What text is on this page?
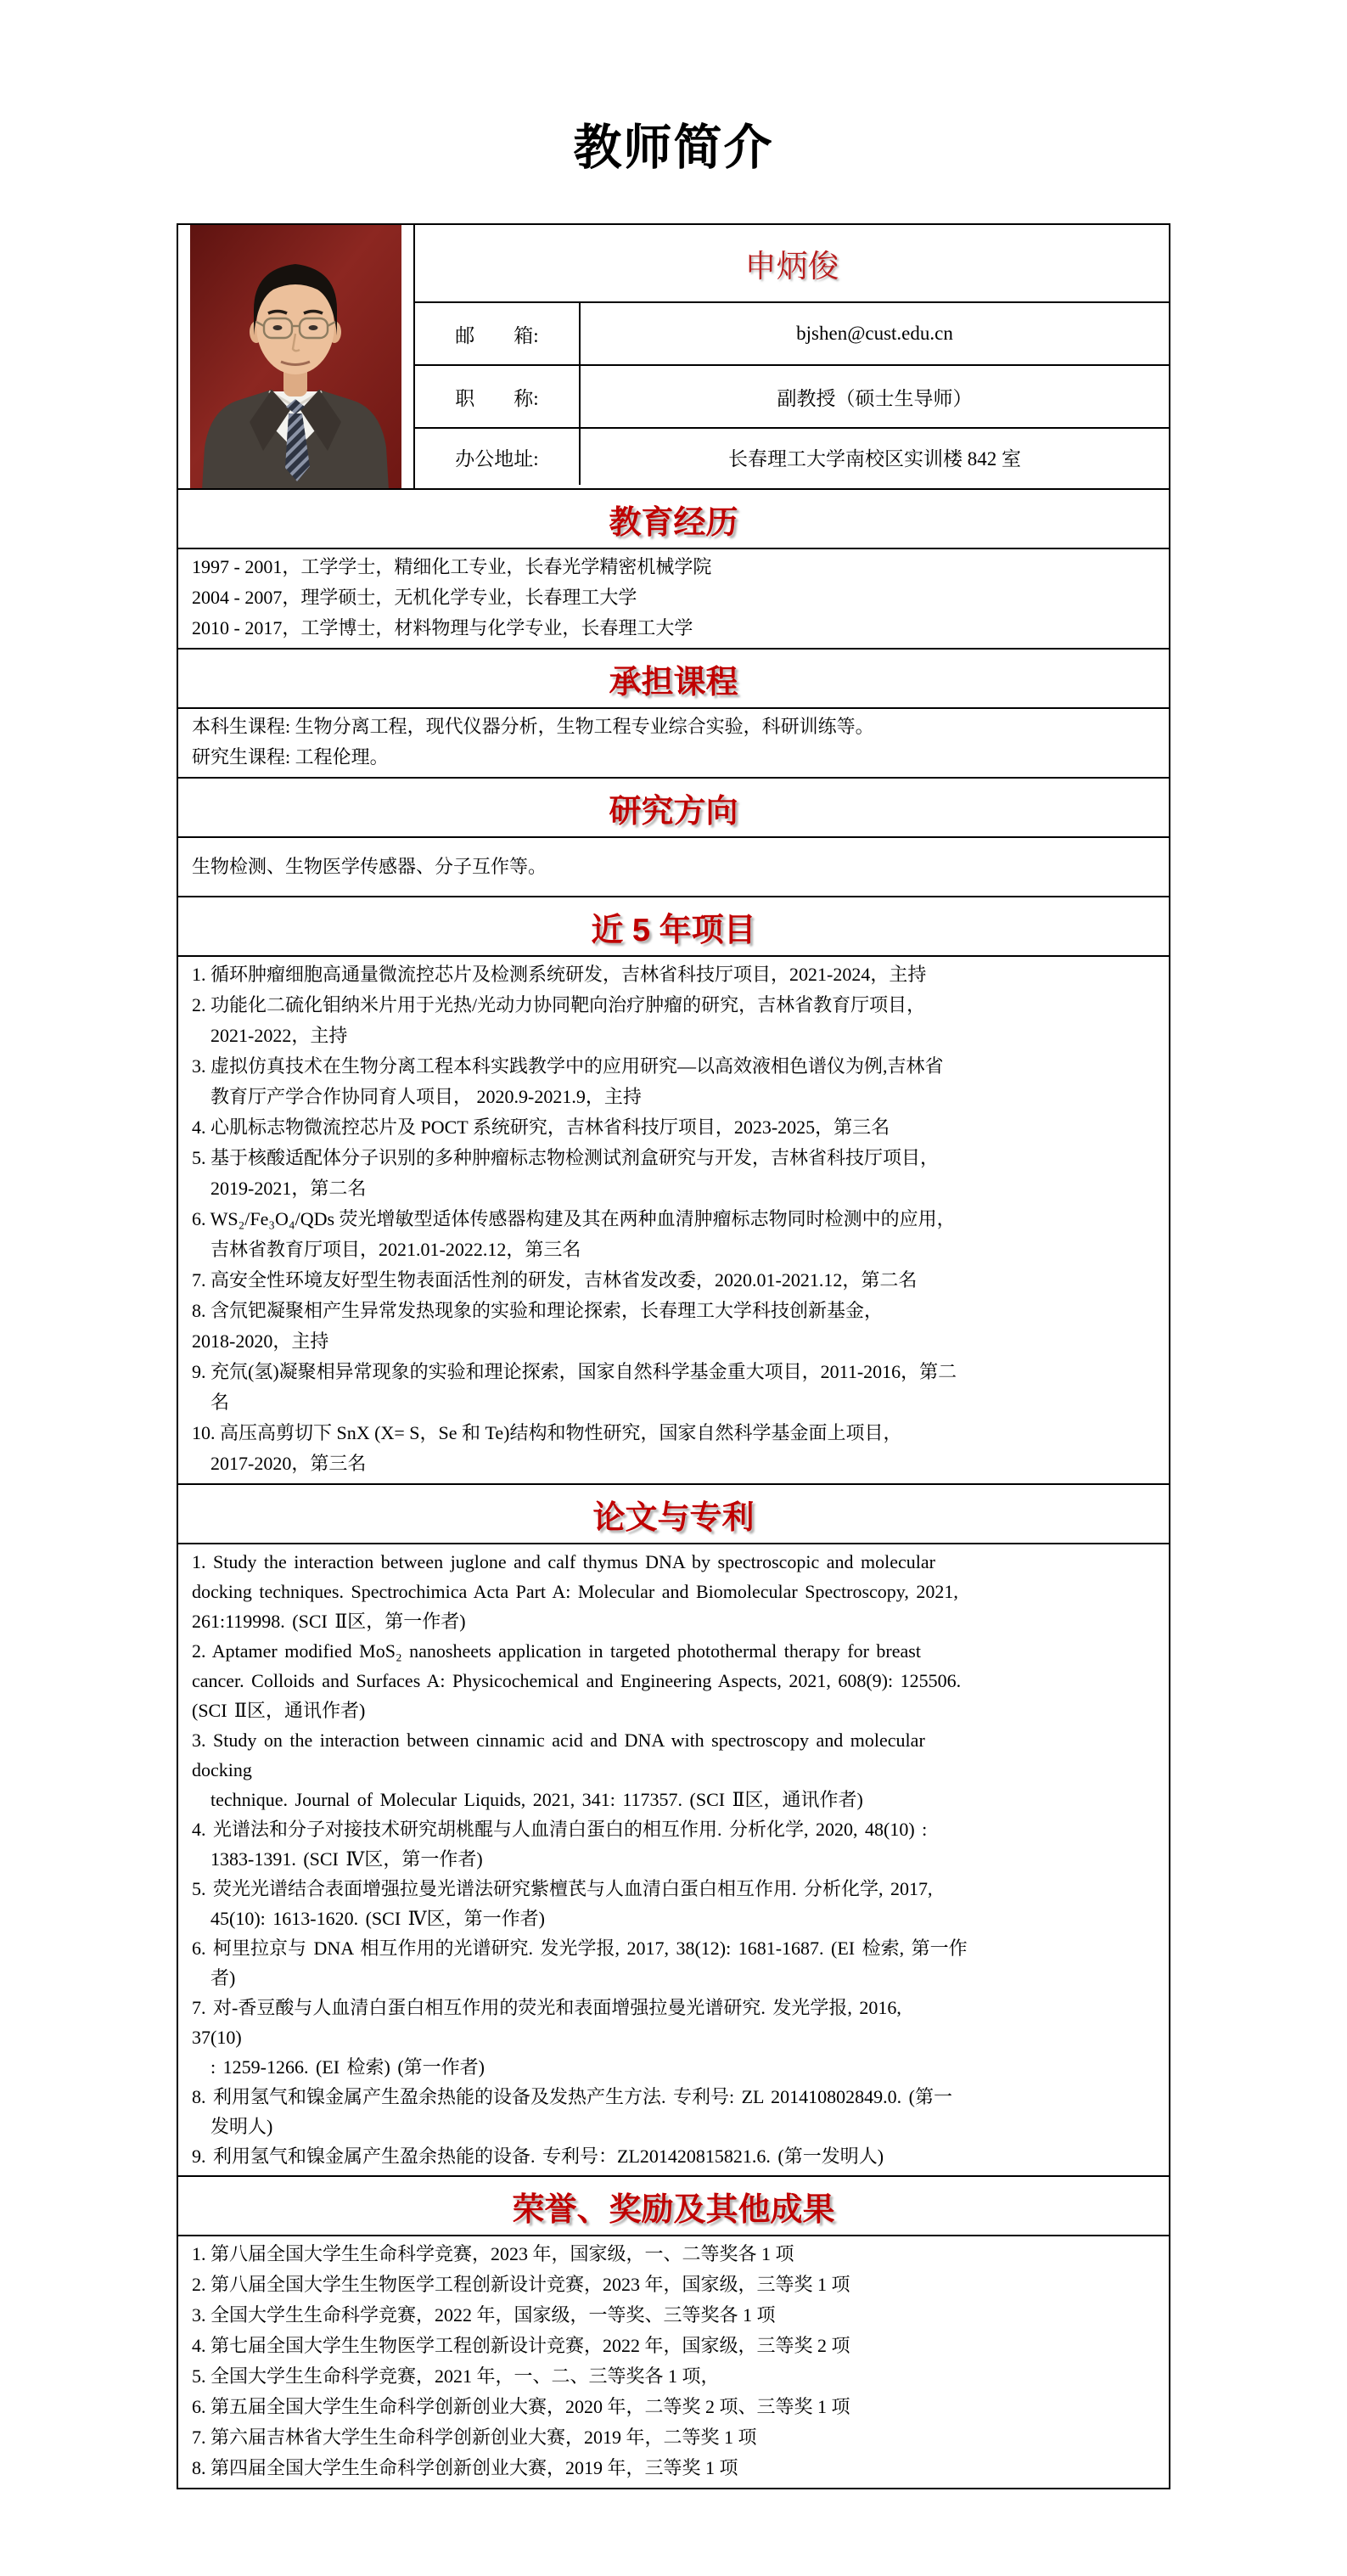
教师简介
申炳俊
邮　　箱:	bjshen@cust.edu.cn
职　　称:	副教授（硕士生导师）
办公地址:	长春理工大学南校区实训楼 842 室
教育经历
1997 - 2001，工学学士，精细化工专业，长春光学精密机械学院
2004 - 2007，理学硕士，无机化学专业，长春理工大学
2010 - 2017，工学博士，材料物理与化学专业，长春理工大学
承担课程
本科生课程: 生物分离工程，现代仪器分析，生物工程专业综合实验，科研训练等。
研究生课程: 工程伦理。
研究方向
生物检测、生物医学传感器、分子互作等。
近 5 年项目
1. 循环肿瘤细胞高通量微流控芯片及检测系统研发，吉林省科技厅项目，2021-2024，主持
2. 功能化二硫化钼纳米片用于光热/光动力协同靶向治疗肿瘤的研究，吉林省教育厅项目，
　2021-2022，主持
3. 虚拟仿真技术在生物分离工程本科实践教学中的应用研究—以高效液相色谱仪为例,吉林省
　教育厅产学合作协同育人项目， 2020.9-2021.9，主持
4. 心肌标志物微流控芯片及 POCT 系统研究，吉林省科技厅项目，2023-2025，第三名
5. 基于核酸适配体分子识别的多种肿瘤标志物检测试剂盒研究与开发，吉林省科技厅项目，
　2019-2021，第二名
6. WS₂/Fe₃O₄/QDs 荧光增敏型适体传感器构建及其在两种血清肿瘤标志物同时检测中的应用，
　吉林省教育厅项目，2021.01-2022.12，第三名
7. 高安全性环境友好型生物表面活性剂的研发，吉林省发改委，2020.01-2021.12，第二名
8. 含氘钯凝聚相产生异常发热现象的实验和理论探索，长春理工大学科技创新基金，
2018-2020，主持
9. 充氘(氢)凝聚相异常现象的实验和理论探索，国家自然科学基金重大项目，2011-2016，第二
　名
10. 高压高剪切下 SnX (X= S，Se 和 Te)结构和物性研究，国家自然科学基金面上项目，
　2017-2020，第三名
论文与专利
1. Study the interaction between juglone and calf thymus DNA by spectroscopic and molecular
docking techniques. Spectrochimica Acta Part A: Molecular and Biomolecular Spectroscopy, 2021,
261:119998. (SCI Ⅱ区，第一作者)
2. Aptamer modified MoS₂ nanosheets application in targeted photothermal therapy for breast
cancer. Colloids and Surfaces A: Physicochemical and Engineering Aspects, 2021, 608(9): 125506.
(SCI Ⅱ区，通讯作者)
3. Study on the interaction between cinnamic acid and DNA with spectroscopy and molecular
docking
　technique. Journal of Molecular Liquids, 2021, 341: 117357. (SCI Ⅱ区，通讯作者)
4. 光谱法和分子对接技术研究胡桃醌与人血清白蛋白的相互作用. 分析化学, 2020, 48(10) :
　1383-1391. (SCI Ⅳ区，第一作者)
5. 荧光光谱结合表面增强拉曼光谱法研究紫檀芪与人血清白蛋白相互作用. 分析化学, 2017,
　45(10): 1613-1620. (SCI Ⅳ区，第一作者)
6. 柯里拉京与 DNA 相互作用的光谱研究. 发光学报, 2017, 38(12): 1681-1687. (EI 检索, 第一作
　者)
7. 对-香豆酸与人血清白蛋白相互作用的荧光和表面增强拉曼光谱研究. 发光学报, 2016,
37(10)
　: 1259-1266. (EI 检索) (第一作者)
8. 利用氢气和镍金属产生盈余热能的设备及发热产生方法. 专利号: ZL 201410802849.0. (第一
　发明人)
9. 利用氢气和镍金属产生盈余热能的设备. 专利号：ZL201420815821.6. (第一发明人)
荣誉、奖励及其他成果
1. 第八届全国大学生生命科学竞赛，2023 年，国家级，一、二等奖各 1 项
2. 第八届全国大学生生物医学工程创新设计竞赛，2023 年，国家级，三等奖 1 项
3. 全国大学生生命科学竞赛，2022 年，国家级，一等奖、三等奖各 1 项
4. 第七届全国大学生生物医学工程创新设计竞赛，2022 年，国家级，三等奖 2 项
5. 全国大学生生命科学竞赛，2021 年，一、二、三等奖各 1 项，
6. 第五届全国大学生生命科学创新创业大赛，2020 年，二等奖 2 项、三等奖 1 项
7. 第六届吉林省大学生生命科学创新创业大赛，2019 年，二等奖 1 项
8. 第四届全国大学生生命科学创新创业大赛，2019 年，三等奖 1 项
